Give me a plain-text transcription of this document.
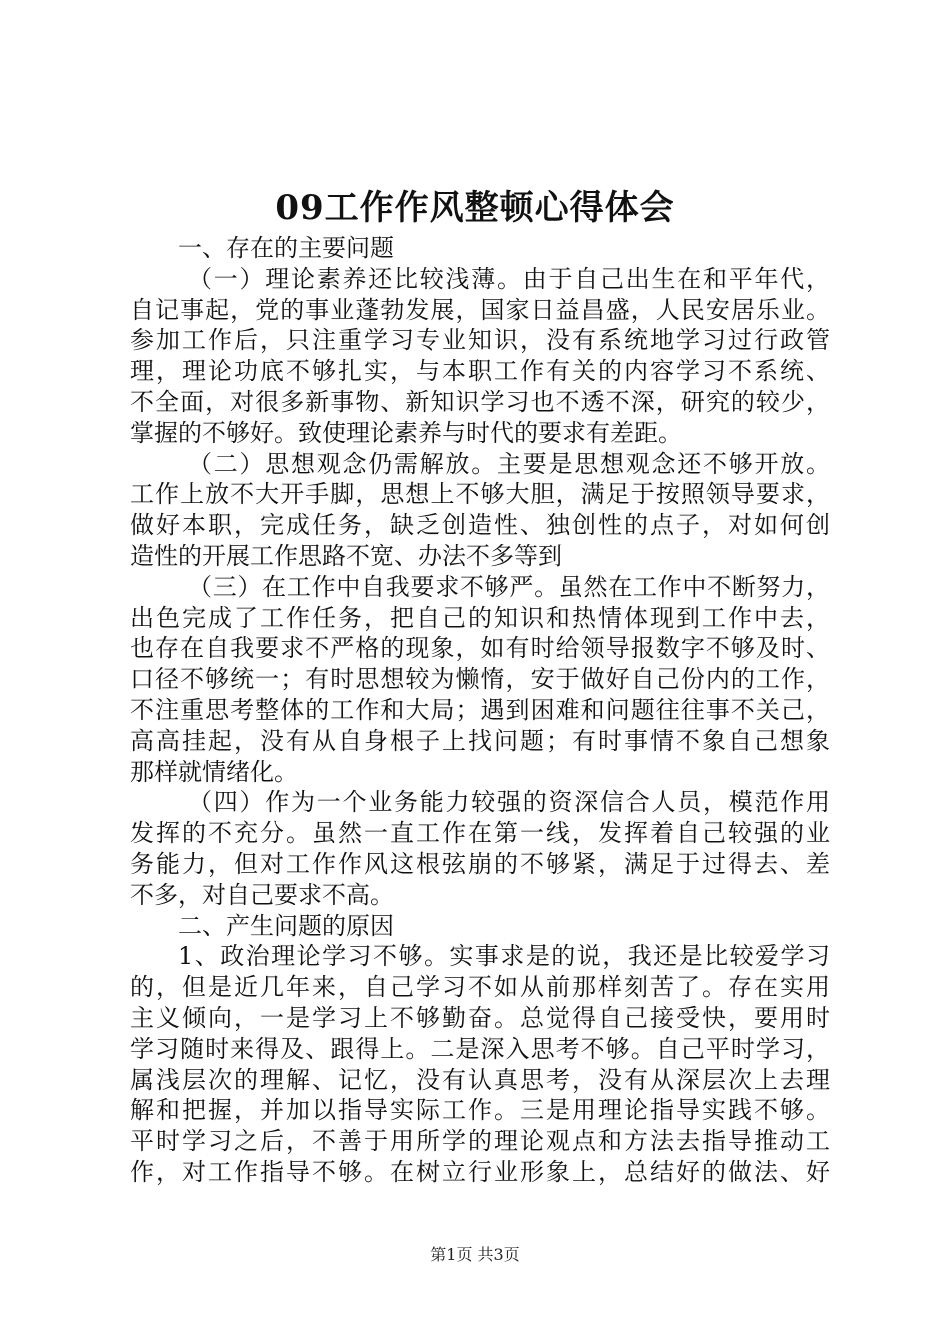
09工作作风整顿心得体会
一、存在的主要问题
（一）理论素养还比较浅薄。由于自己出生在和平年代，
自记事起，党的事业蓬勃发展，国家日益昌盛，人民安居乐业。
参加工作后，只注重学习专业知识，没有系统地学习过行政管
理，理论功底不够扎实，与本职工作有关的内容学习不系统、
不全面，对很多新事物、新知识学习也不透不深，研究的较少，
掌握的不够好。致使理论素养与时代的要求有差距。
（二）思想观念仍需解放。主要是思想观念还不够开放。
工作上放不大开手脚，思想上不够大胆，满足于按照领导要求，
做好本职，完成任务，缺乏创造性、独创性的点子，对如何创
造性的开展工作思路不宽、办法不多等到
（三）在工作中自我要求不够严。虽然在工作中不断努力，
出色完成了工作任务，把自己的知识和热情体现到工作中去，
也存在自我要求不严格的现象，如有时给领导报数字不够及时、
口径不够统一；有时思想较为懒惰，安于做好自己份内的工作，
不注重思考整体的工作和大局；遇到困难和问题往往事不关己，
高高挂起，没有从自身根子上找问题；有时事情不象自己想象
那样就情绪化。
（四）作为一个业务能力较强的资深信合人员，模范作用
发挥的不充分。虽然一直工作在第一线，发挥着自己较强的业
务能力，但对工作作风这根弦崩的不够紧，满足于过得去、差
不多，对自己要求不高。
二、产生问题的原因
1、政治理论学习不够。实事求是的说，我还是比较爱学习
的，但是近几年来，自己学习不如从前那样刻苦了。存在实用
主义倾向，一是学习上不够勤奋。总觉得自己接受快，要用时
学习随时来得及、跟得上。二是深入思考不够。自己平时学习，
属浅层次的理解、记忆，没有认真思考，没有从深层次上去理
解和把握，并加以指导实际工作。三是用理论指导实践不够。
平时学习之后，不善于用所学的理论观点和方法去指导推动工
作，对工作指导不够。在树立行业形象上，总结好的做法、好
第1页 共3页
